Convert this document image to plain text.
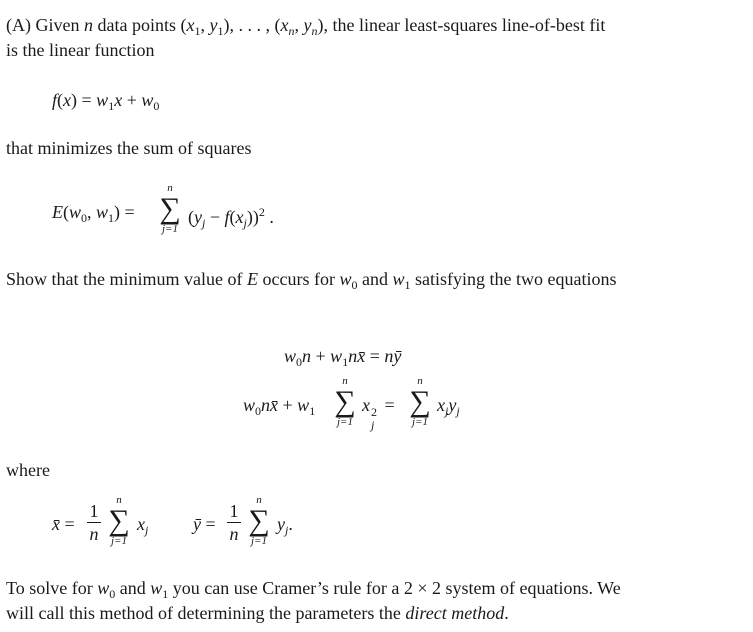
(A) Given n data points ($x_1$, $y_1$), . . . , ($x_n$, $y_n$), the linear least-squares line-of-best fit
is the linear function
$f(x) = w_1x + w_0$
that minimizes the sum of squares
$E(w_0$, $w_1$) =
n
∑
j=1
$(y_j - f(x_j))^2$ .
Show that the minimum value of E occurs for $w_0$ and $w_1$ satisfying the two equations
$w_0n$ + $w_1nx̄$ = nȳ
$w_0nx̄ + w_1$
n
∑
j=1
x 2
j
=
n
∑
j=1
$x_jy_j$
where
x̄ =
1
n
n
∑
j=1
$x_j$ ȳ =
1
n
n
∑
j=1
$y_j$.
To solve for $w_0$ and $w_1$ you can use Cramer’s rule for a 2 × 2 system of equations. We
will call this method of determining the parameters the direct method.
